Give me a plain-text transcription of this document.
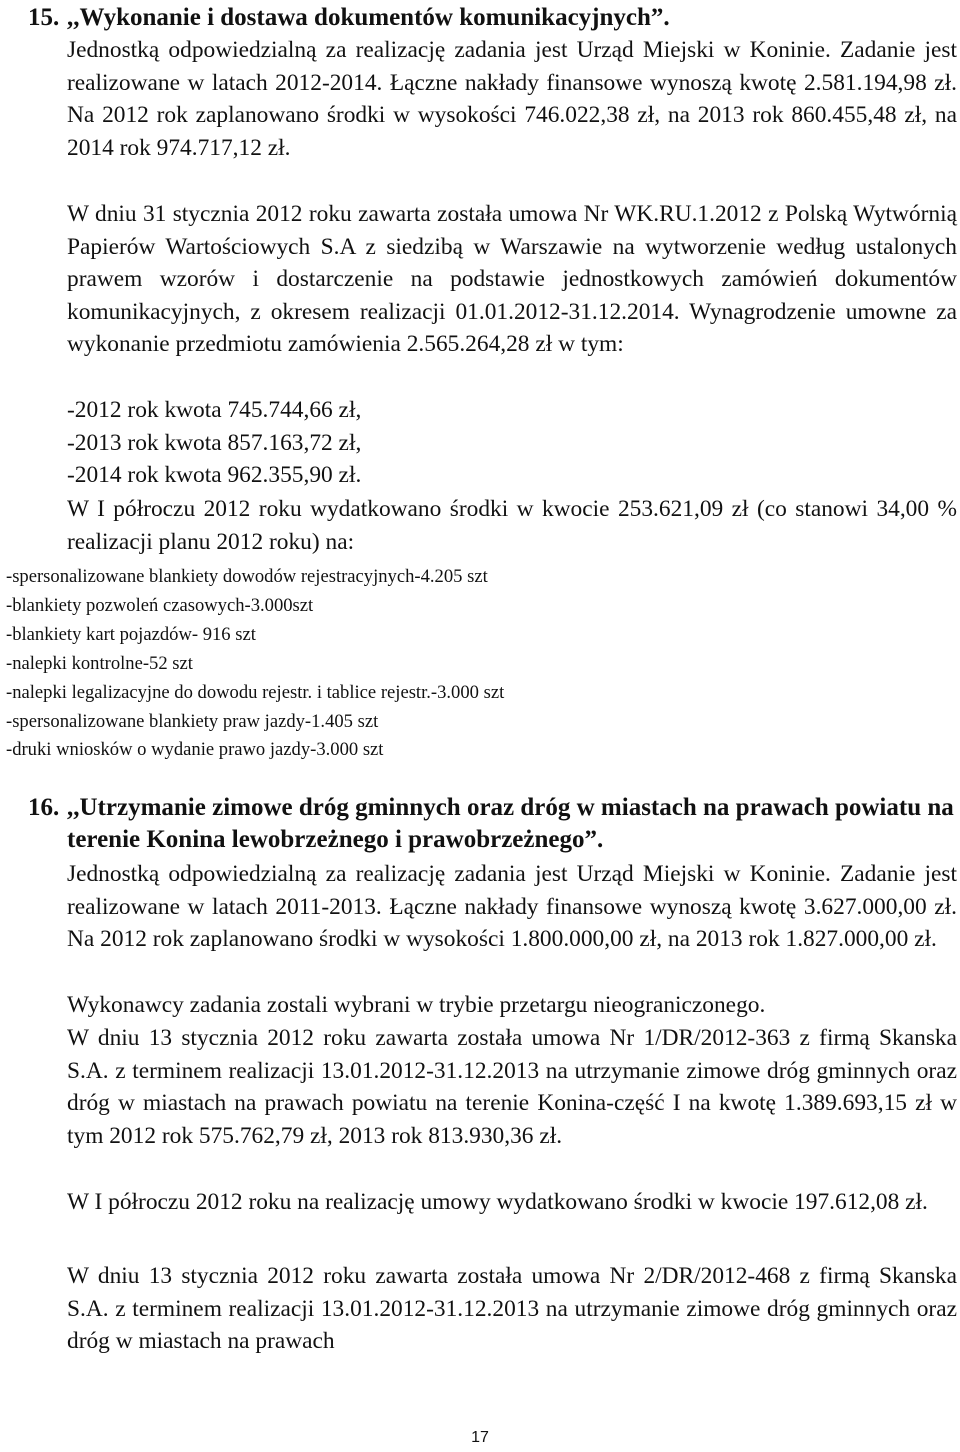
15. ,,Wykonanie i dostawa dokumentów komunikacyjnych”.

Jednostką odpowiedzialną za realizację zadania jest Urząd Miejski w Koninie. Zadanie jest realizowane w latach 2012-2014. Łączne nakłady finansowe wynoszą kwotę 2.581.194,98 zł. Na 2012 rok zaplanowano środki w wysokości 746.022,38 zł, na 2013 rok 860.455,48 zł, na 2014 rok 974.717,12 zł.

W dniu 31 stycznia 2012 roku zawarta została umowa Nr WK.RU.1.2012 z Polską Wytwórnią Papierów Wartościowych S.A z siedzibą w Warszawie na wytworzenie według ustalonych prawem wzorów i dostarczenie na podstawie jednostkowych zamówień dokumentów komunikacyjnych, z okresem realizacji 01.01.2012-31.12.2014. Wynagrodzenie umowne za wykonanie przedmiotu zamówienia 2.565.264,28 zł w tym:

-2012 rok kwota 745.744,66 zł,
-2013 rok kwota 857.163,72 zł,
-2014 rok kwota 962.355,90 zł.

W I półroczu 2012 roku wydatkowano środki w kwocie 253.621,09 zł (co stanowi 34,00 % realizacji planu 2012 roku) na:

-spersonalizowane blankiety dowodów rejestracyjnych-4.205 szt
-blankiety pozwoleń czasowych-3.000szt
-blankiety kart pojazdów- 916 szt
-nalepki kontrolne-52 szt
-nalepki legalizacyjne do dowodu rejestr. i tablice rejestr.-3.000 szt
-spersonalizowane blankiety praw jazdy-1.405 szt
-druki wniosków o wydanie prawo jazdy-3.000 szt
16. ,,Utrzymanie zimowe dróg gminnych oraz dróg w miastach na prawach powiatu na terenie Konina lewobrzeżnego i prawobrzeżnego”.

Jednostką odpowiedzialną za realizację zadania jest Urząd Miejski w Koninie. Zadanie jest realizowane w latach 2011-2013. Łączne nakłady finansowe wynoszą kwotę 3.627.000,00 zł. Na 2012 rok zaplanowano środki w wysokości 1.800.000,00 zł, na 2013 rok 1.827.000,00 zł.

Wykonawcy zadania zostali wybrani w trybie przetargu nieograniczonego.

W dniu 13 stycznia 2012 roku zawarta została umowa Nr 1/DR/2012-363 z firmą Skanska S.A. z terminem realizacji 13.01.2012-31.12.2013 na utrzymanie zimowe dróg gminnych oraz dróg w miastach na prawach powiatu na terenie Konina-część I na kwotę 1.389.693,15 zł w tym 2012 rok 575.762,79 zł, 2013 rok 813.930,36 zł.

W I półroczu 2012 roku na realizację umowy wydatkowano środki w kwocie 197.612,08 zł.

W dniu 13 stycznia 2012 roku zawarta została umowa Nr 2/DR/2012-468 z firmą Skanska S.A. z terminem realizacji 13.01.2012-31.12.2013 na utrzymanie zimowe dróg gminnych oraz dróg w miastach na prawach

17
